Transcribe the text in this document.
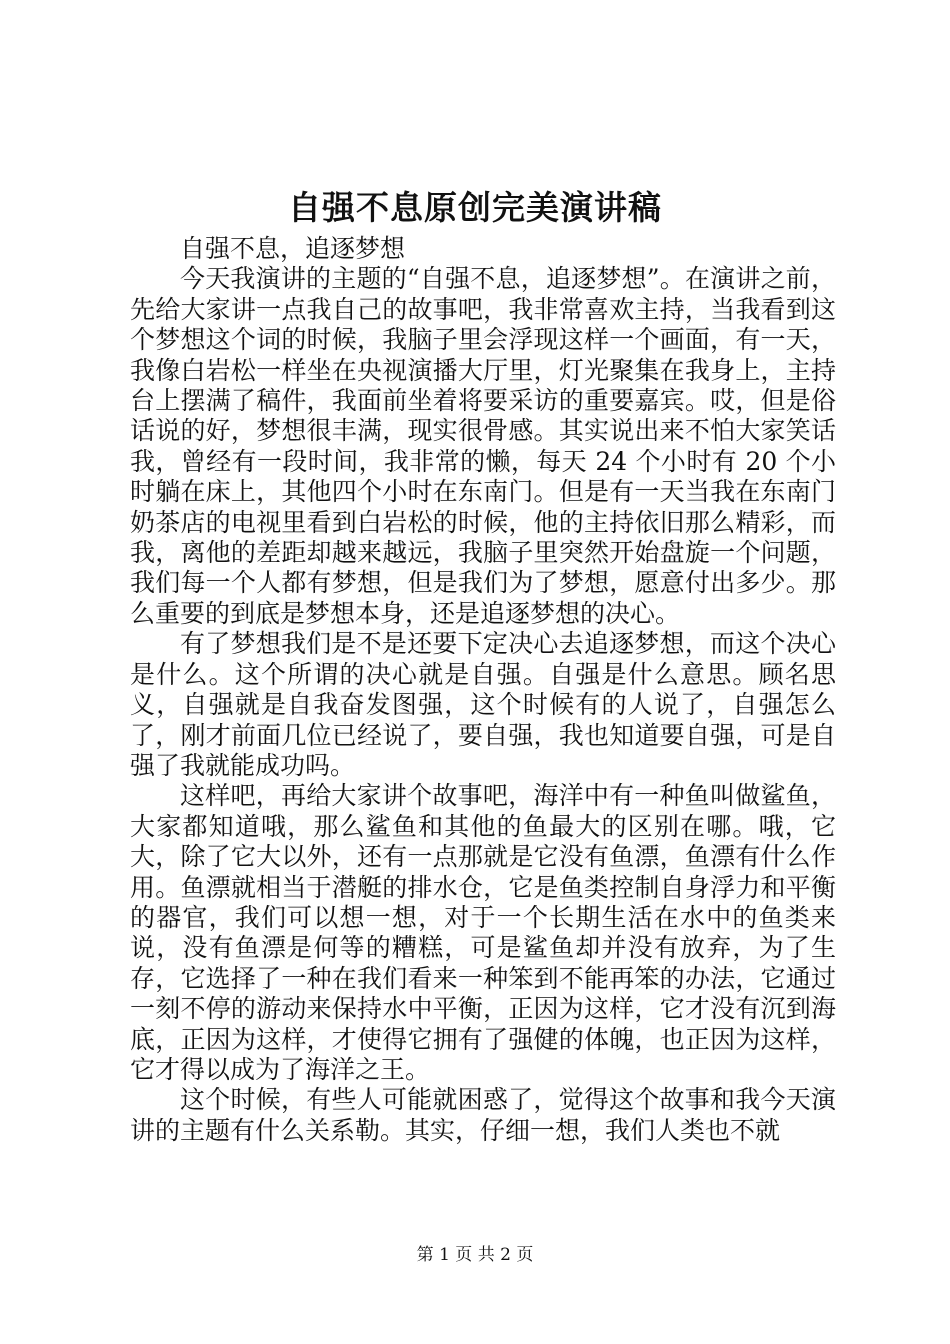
自强不息原创完美演讲稿

自强不息，追逐梦想

今天我演讲的主题的“自强不息，追逐梦想”。在演讲之前，先给大家讲一点我自己的故事吧，我非常喜欢主持，当我看到这个梦想这个词的时候，我脑子里会浮现这样一个画面，有一天，我像白岩松一样坐在央视演播大厅里，灯光聚集在我身上，主持台上摆满了稿件，我面前坐着将要采访的重要嘉宾。哎，但是俗话说的好，梦想很丰满，现实很骨感。其实说出来不怕大家笑话我，曾经有一段时间，我非常的懒，每天 24 个小时有 20 个小时躺在床上，其他四个小时在东南门。但是有一天当我在东南门奶茶店的电视里看到白岩松的时候，他的主持依旧那么精彩，而我，离他的差距却越来越远，我脑子里突然开始盘旋一个问题，我们每一个人都有梦想，但是我们为了梦想，愿意付出多少。那么重要的到底是梦想本身，还是追逐梦想的决心。

有了梦想我们是不是还要下定决心去追逐梦想，而这个决心是什么。这个所谓的决心就是自强。自强是什么意思。顾名思义，自强就是自我奋发图强，这个时候有的人说了，自强怎么了，刚才前面几位已经说了，要自强，我也知道要自强，可是自强了我就能成功吗。

这样吧，再给大家讲个故事吧，海洋中有一种鱼叫做鲨鱼，大家都知道哦，那么鲨鱼和其他的鱼最大的区别在哪。哦，它大，除了它大以外，还有一点那就是它没有鱼漂，鱼漂有什么作用。鱼漂就相当于潜艇的排水仓，它是鱼类控制自身浮力和平衡的器官，我们可以想一想，对于一个长期生活在水中的鱼类来说，没有鱼漂是何等的糟糕，可是鲨鱼却并没有放弃，为了生存，它选择了一种在我们看来一种笨到不能再笨的办法，它通过一刻不停的游动来保持水中平衡，正因为这样，它才没有沉到海底，正因为这样，才使得它拥有了强健的体魄，也正因为这样，它才得以成为了海洋之王。

这个时候，有些人可能就困惑了，觉得这个故事和我今天演讲的主题有什么关系勒。其实，仔细一想，我们人类也不就

第 1 页 共 2 页
